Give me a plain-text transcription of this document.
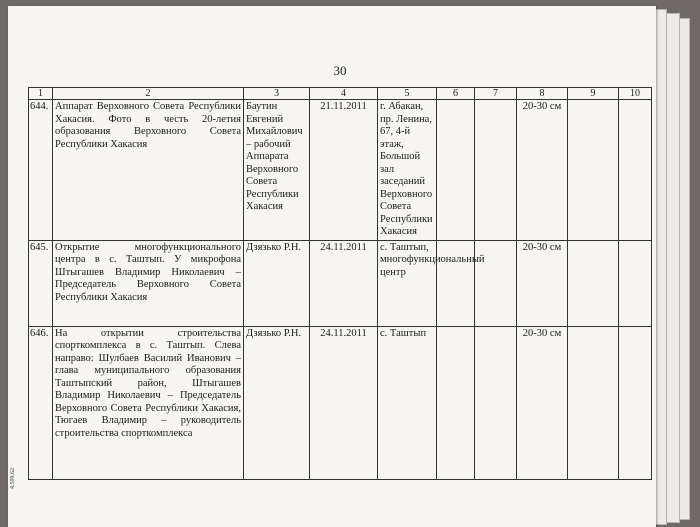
30
4.509.62
1	2	3	4	5	6	7	8	9	10
644.	Аппарат Верховного Совета Республики Хакасия. Фото в честь 20-летия образования Верховного Совета Республики Хакасия	Баутин Евгений Михайлович – рабочий Аппарата Верховного Совета Республики Хакасия	21.11.2011	г. Абакан, пр. Ленина, 67, 4-й этаж, Большой зал заседаний Верховного Совета Республики Хакасия			20-30 см		
645.	Открытие многофункционального центра в с. Таштып. У микрофона Штыгашев Владимир Николаевич – Председатель Верховного Совета Республики Хакасия	Дзязько Р.Н.	24.11.2011	с. Таштып, многофункциональный центр			20-30 см		
646.	На открытии строительства спорткомплекса в с. Таштып. Слева направо: Шулбаев Василий Иванович – глава муниципального образования Таштыпский район, Штыгашев Владимир Николаевич – Председатель Верховного Совета Республики Хакасия, Тюгаев Владимир – руководитель строительства спорткомплекса	Дзязько Р.Н.	24.11.2011	с. Таштып			20-30 см		
